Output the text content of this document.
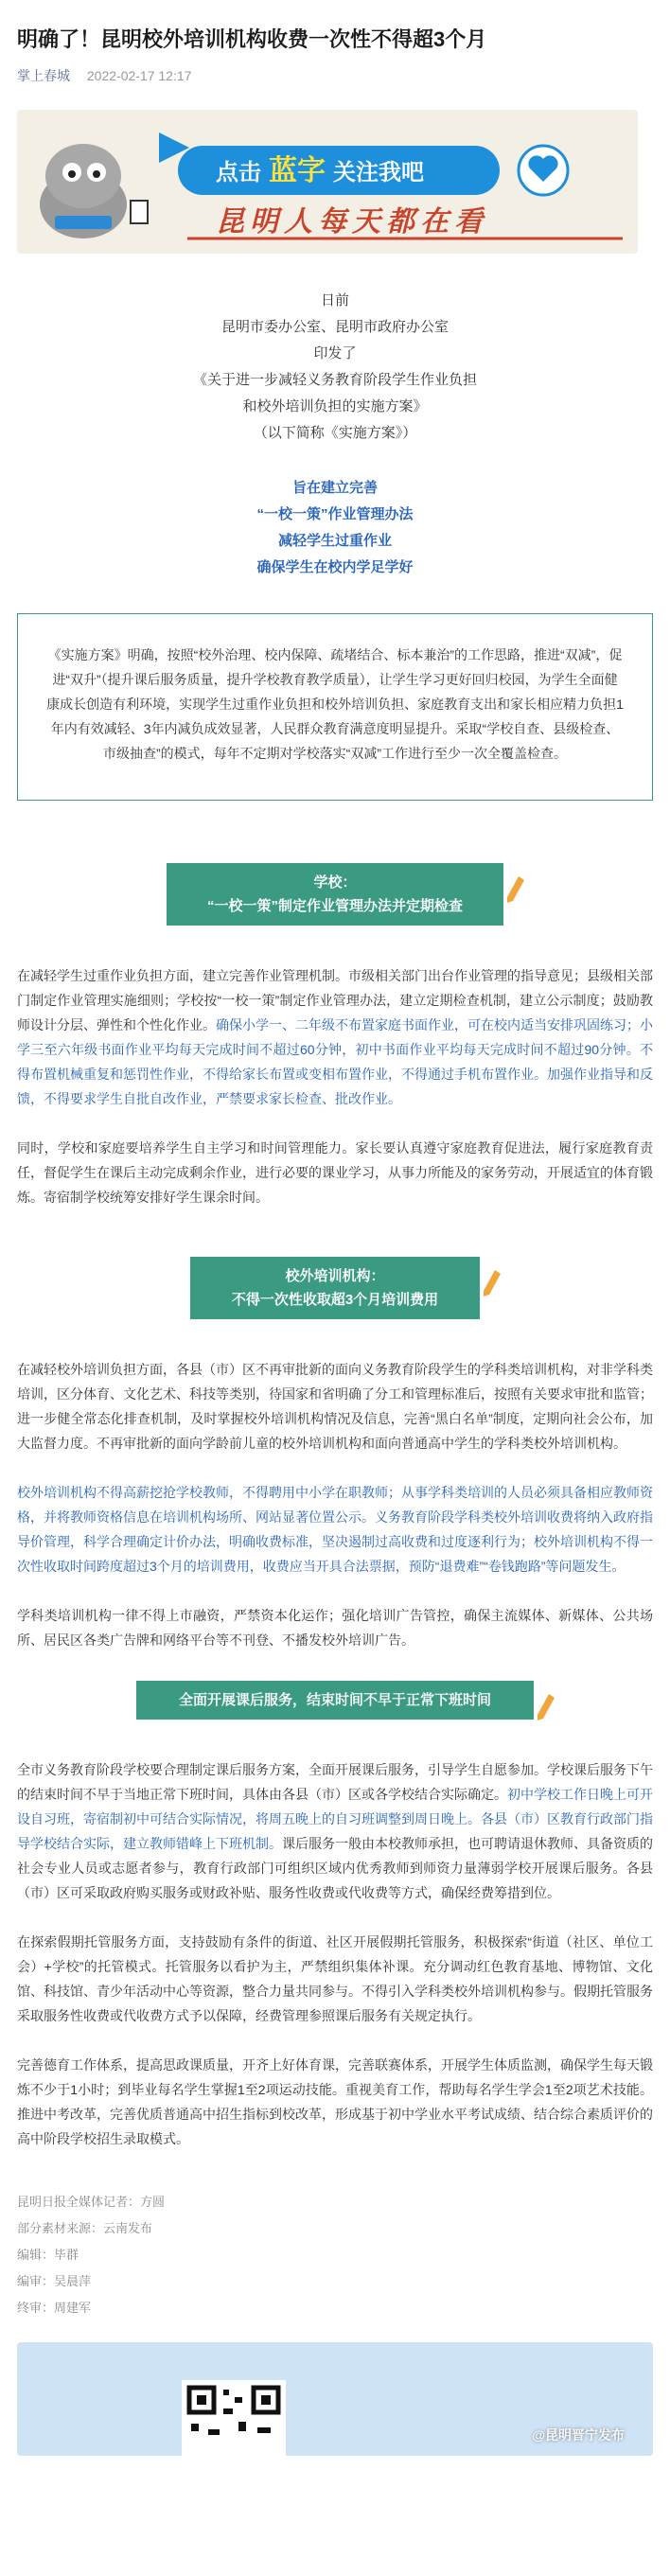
明确了！昆明校外培训机构收费一次性不得超3个月
掌上春城 2022-02-17 12:17
点击 蓝字 关注我吧
昆明人每天都在看
日前
昆明市委办公室、昆明市政府办公室
印发了
《关于进一步减轻义务教育阶段学生作业负担
和校外培训负担的实施方案》
（以下简称《实施方案》）
旨在建立完善
“一校一策”作业管理办法
减轻学生过重作业
确保学生在校内学足学好
《实施方案》明确，按照“校外治理、校内保障、疏堵结合、标本兼治”的工作思路，推进“双减”，促进“双升”（提升课后服务质量，提升学校教育教学质量），让学生学习更好回归校园，为学生全面健康成长创造有利环境，实现学生过重作业负担和校外培训负担、家庭教育支出和家长相应精力负担1年内有效减轻、3年内减负成效显著，人民群众教育满意度明显提升。采取“学校自查、县级检查、市级抽查”的模式，每年不定期对学校落实“双减”工作进行至少一次全覆盖检查。
学校：
“一校一策”制定作业管理办法并定期检查
在减轻学生过重作业负担方面，建立完善作业管理机制。市级相关部门出台作业管理的指导意见；县级相关部门制定作业管理实施细则；学校按“一校一策”制定作业管理办法，建立定期检查机制，建立公示制度；鼓励教师设计分层、弹性和个性化作业。确保小学一、二年级不布置家庭书面作业，可在校内适当安排巩固练习；小学三至六年级书面作业平均每天完成时间不超过60分钟，初中书面作业平均每天完成时间不超过90分钟。不得布置机械重复和惩罚性作业，不得给家长布置或变相布置作业，不得通过手机布置作业。加强作业指导和反馈，不得要求学生自批自改作业，严禁要求家长检查、批改作业。
同时，学校和家庭要培养学生自主学习和时间管理能力。家长要认真遵守家庭教育促进法，履行家庭教育责任，督促学生在课后主动完成剩余作业，进行必要的课业学习，从事力所能及的家务劳动，开展适宜的体育锻炼。寄宿制学校统筹安排好学生课余时间。
校外培训机构：
不得一次性收取超3个月培训费用
在减轻校外培训负担方面，各县（市）区不再审批新的面向义务教育阶段学生的学科类培训机构，对非学科类培训，区分体育、文化艺术、科技等类别，待国家和省明确了分工和管理标准后，按照有关要求审批和监管；进一步健全常态化排查机制，及时掌握校外培训机构情况及信息，完善“黑白名单”制度，定期向社会公布，加大监督力度。不再审批新的面向学龄前儿童的校外培训机构和面向普通高中学生的学科类校外培训机构。
校外培训机构不得高薪挖抢学校教师，不得聘用中小学在职教师；从事学科类培训的人员必须具备相应教师资格，并将教师资格信息在培训机构场所、网站显著位置公示。义务教育阶段学科类校外培训收费将纳入政府指导价管理，科学合理确定计价办法，明确收费标准，坚决遏制过高收费和过度逐利行为；校外培训机构不得一次性收取时间跨度超过3个月的培训费用，收费应当开具合法票据，预防“退费难”“卷钱跑路”等问题发生。
学科类培训机构一律不得上市融资，严禁资本化运作；强化培训广告管控，确保主流媒体、新媒体、公共场所、居民区各类广告牌和网络平台等不刊登、不播发校外培训广告。
全面开展课后服务，结束时间不早于正常下班时间
全市义务教育阶段学校要合理制定课后服务方案，全面开展课后服务，引导学生自愿参加。学校课后服务下午的结束时间不早于当地正常下班时间，具体由各县（市）区或各学校结合实际确定。初中学校工作日晚上可开设自习班，寄宿制初中可结合实际情况，将周五晚上的自习班调整到周日晚上。各县（市）区教育行政部门指导学校结合实际，建立教师错峰上下班机制。课后服务一般由本校教师承担，也可聘请退休教师、具备资质的社会专业人员或志愿者参与，教育行政部门可组织区域内优秀教师到师资力量薄弱学校开展课后服务。各县（市）区可采取政府购买服务或财政补贴、服务性收费或代收费等方式，确保经费筹措到位。
在探索假期托管服务方面，支持鼓励有条件的街道、社区开展假期托管服务，积极探索“街道（社区、单位工会）+学校”的托管模式。托管服务以看护为主，严禁组织集体补课。充分调动红色教育基地、博物馆、文化馆、科技馆、青少年活动中心等资源，整合力量共同参与。不得引入学科类校外培训机构参与。假期托管服务采取服务性收费或代收费方式予以保障，经费管理参照课后服务有关规定执行。
完善德育工作体系，提高思政课质量，开齐上好体育课，完善联赛体系，开展学生体质监测，确保学生每天锻炼不少于1小时；到毕业每名学生掌握1至2项运动技能。重视美育工作，帮助每名学生学会1至2项艺术技能。推进中考改革，完善优质普通高中招生指标到校改革，形成基于初中学业水平考试成绩、结合综合素质评价的高中阶段学校招生录取模式。
昆明日报全媒体记者：方圆
部分素材来源：云南发布
编辑：毕群
编审：吴晨萍
终审：周建军
@昆明晋宁发布
